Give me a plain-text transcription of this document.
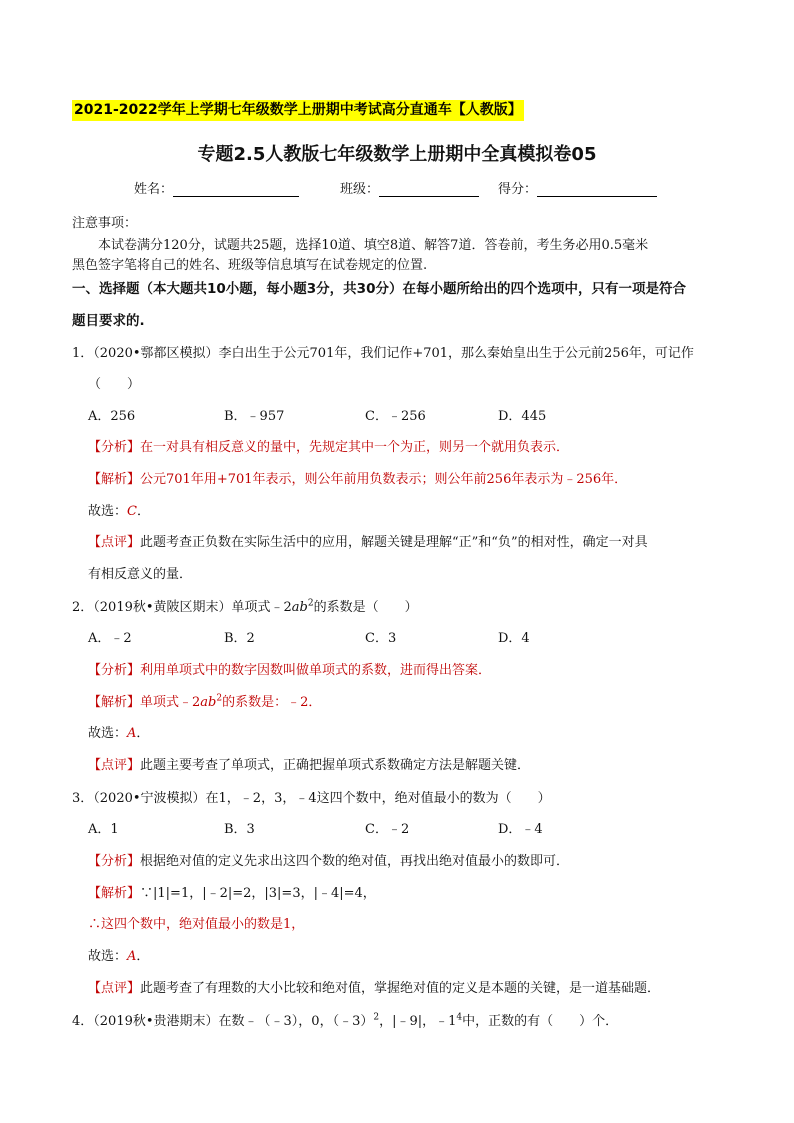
2021-2022学年上学期七年级数学上册期中考试高分直通车【人教版】
专题2.5人教版七年级数学上册期中全真模拟卷05
姓名：	班级：	得分：
注意事项：
本试卷满分120分，试题共25题，选择10道、填空8道、解答7道．答卷前，考生务必用0.5毫米
黑色签字笔将自己的姓名、班级等信息填写在试卷规定的位置.
一、选择题（本大题共10小题，每小题3分，共30分）在每小题所给出的四个选项中，只有一项是符合
题目要求的.
1．（2020•鄠都区模拟）李白出生于公元701年，我们记作+701，那么秦始皇出生于公元前256年，可记作
（　　）
A．256	B．﹣957	C．﹣256	D．445
【分析】在一对具有相反意义的量中，先规定其中一个为正，则另一个就用负表示．
【解析】公元701年用+701年表示，则公年前用负数表示；则公年前256年表示为﹣256年．
故选：C．
【点评】此题考查正负数在实际生活中的应用，解题关键是理解“正”和“负”的相对性，确定一对具
有相反意义的量．
2．（2019秋•黄陂区期末）单项式$﹣2ab^2$的系数是（　　）
A．﹣2	B．2	C．3	D．4
【分析】利用单项式中的数字因数叫做单项式的系数，进而得出答案．
【解析】单项式$﹣2ab^2$的系数是：﹣2．
故选：A．
【点评】此题主要考查了单项式，正确把握单项式系数确定方法是解题关键．
3．（2020•宁波模拟）在1，﹣2，3，﹣4这四个数中，绝对值最小的数为（　　）
A．1	B．3	C．﹣2	D．﹣4
【分析】根据绝对值的定义先求出这四个数的绝对值，再找出绝对值最小的数即可．
【解析】∵|1|=1，|﹣2|=2，|3|=3，|﹣4|=4，
∴这四个数中，绝对值最小的数是1，
故选：A．
【点评】此题考查了有理数的大小比较和绝对值，掌握绝对值的定义是本题的关键，是一道基础题．
4．（2019秋•贵港期末）在数﹣（﹣3），0，（﹣3）$^2$，|﹣9|，$﹣1^4$中，正数的有（　　）个．
